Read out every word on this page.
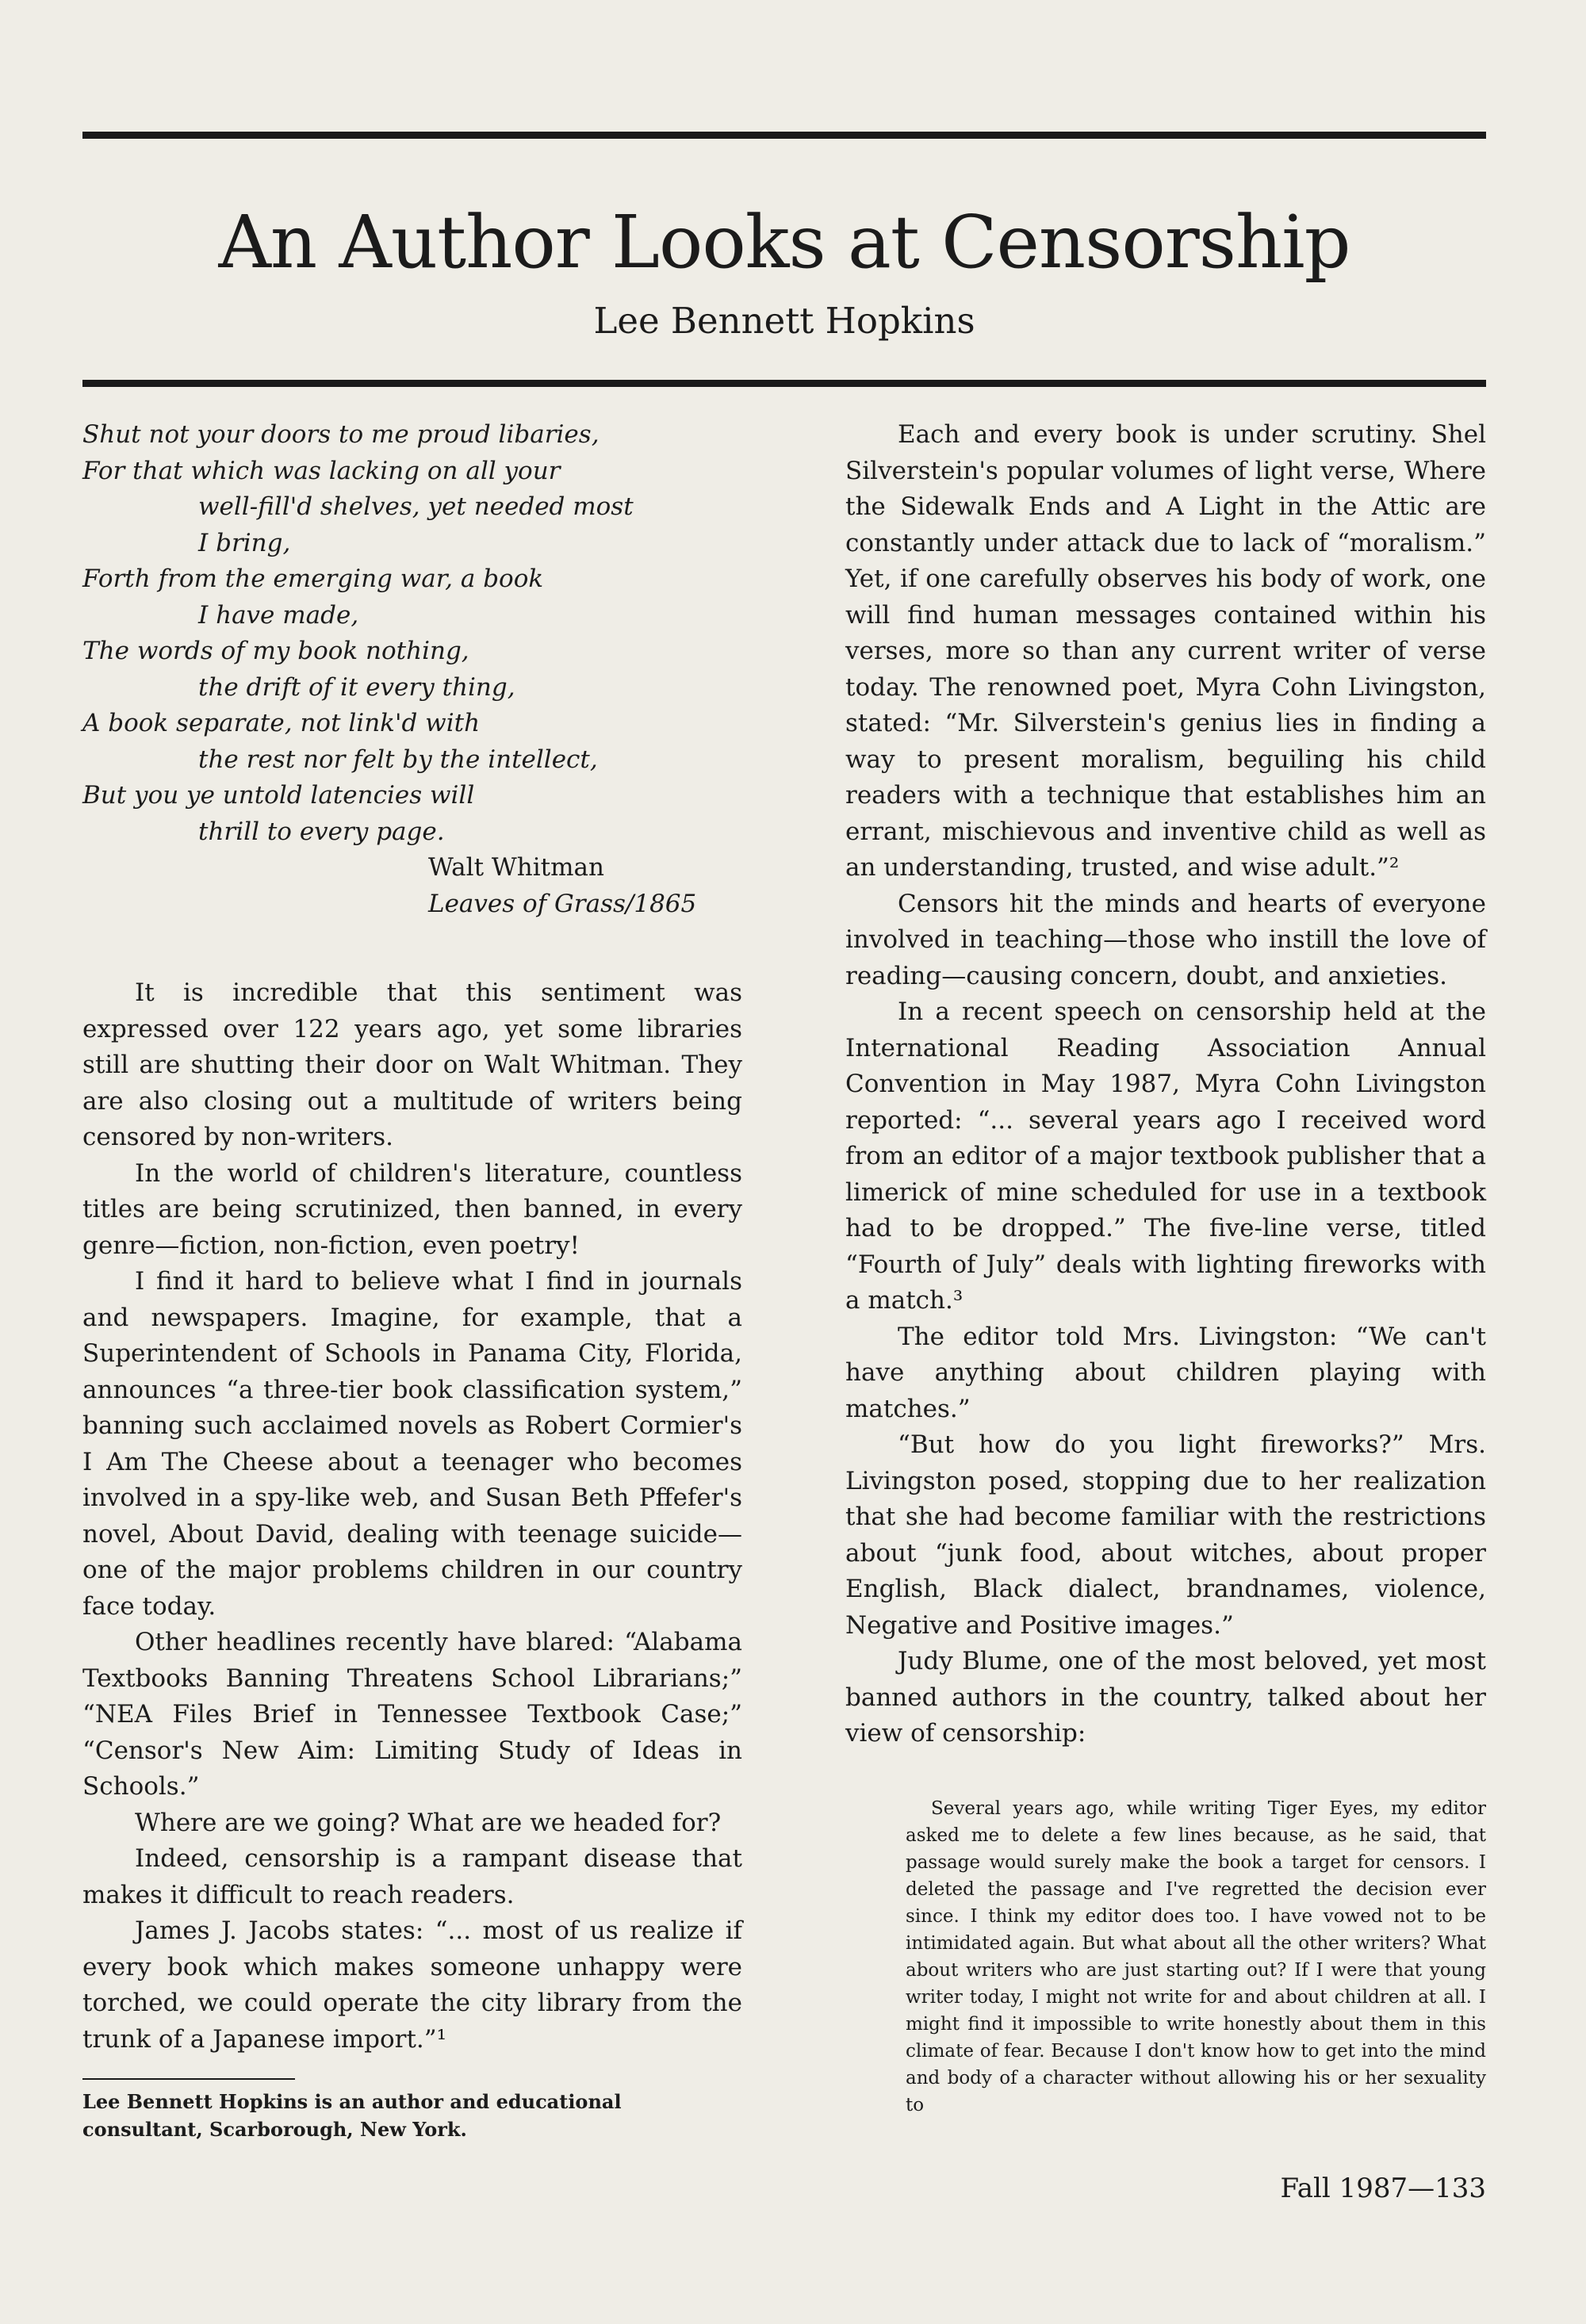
An Author Looks at Censorship
Lee Bennett Hopkins
Shut not your doors to me proud libaries,
For that which was lacking on all your
well-fill'd shelves, yet needed most
I bring,
Forth from the emerging war, a book
I have made,
The words of my book nothing,
the drift of it every thing,
A book separate, not link'd with
the rest nor felt by the intellect,
But you ye untold latencies will
thrill to every page.
Walt Whitman
Leaves of Grass/1865

It is incredible that this sentiment was expressed over 122 years ago, yet some libraries still are shutting their door on Walt Whitman. They are also closing out a multitude of writers being censored by non-writers.

In the world of children's literature, countless titles are being scrutinized, then banned, in every genre—fiction, non-fiction, even poetry!

I find it hard to believe what I find in journals and newspapers. Imagine, for example, that a Superintendent of Schools in Panama City, Florida, announces “a three-tier book classification system,” banning such acclaimed novels as Robert Cormier's I Am The Cheese about a teenager who becomes involved in a spy-like web, and Susan Beth Pffefer's novel, About David, dealing with teenage suicide—one of the major problems children in our country face today.

Other headlines recently have blared: “Alabama Textbooks Banning Threatens School Librarians;” “NEA Files Brief in Tennessee Textbook Case;” “Censor's New Aim: Limiting Study of Ideas in Schools.”

Where are we going? What are we headed for?

Indeed, censorship is a rampant disease that makes it difficult to reach readers.

James J. Jacobs states: “... most of us realize if every book which makes someone unhappy were torched, we could operate the city library from the trunk of a Japanese import.”¹

Lee Bennett Hopkins is an author and educational consultant, Scarborough, New York.

Each and every book is under scrutiny. Shel Silverstein's popular volumes of light verse, Where the Sidewalk Ends and A Light in the Attic are constantly under attack due to lack of “moralism.” Yet, if one carefully observes his body of work, one will find human messages contained within his verses, more so than any current writer of verse today. The renowned poet, Myra Cohn Livingston, stated: “Mr. Silverstein's genius lies in finding a way to present moralism, beguiling his child readers with a technique that establishes him an errant, mischievous and inventive child as well as an understanding, trusted, and wise adult.”²

Censors hit the minds and hearts of everyone involved in teaching—those who instill the love of reading—causing concern, doubt, and anxieties.

In a recent speech on censorship held at the International Reading Association Annual Convention in May 1987, Myra Cohn Livingston reported: “... several years ago I received word from an editor of a major textbook publisher that a limerick of mine scheduled for use in a textbook had to be dropped.” The five-line verse, titled “Fourth of July” deals with lighting fireworks with a match.³

The editor told Mrs. Livingston: “We can't have anything about children playing with matches.”

“But how do you light fireworks?” Mrs. Livingston posed, stopping due to her realization that she had become familiar with the restrictions about “junk food, about witches, about proper English, Black dialect, brandnames, violence, Negative and Positive images.”

Judy Blume, one of the most beloved, yet most banned authors in the country, talked about her view of censorship:

Several years ago, while writing Tiger Eyes, my editor asked me to delete a few lines because, as he said, that passage would surely make the book a target for censors. I deleted the passage and I've regretted the decision ever since. I think my editor does too. I have vowed not to be intimidated again. But what about all the other writers? What about writers who are just starting out? If I were that young writer today, I might not write for and about children at all. I might find it impossible to write honestly about them in this climate of fear. Because I don't know how to get into the mind and body of a character without allowing his or her sexuality to
Fall 1987—133
